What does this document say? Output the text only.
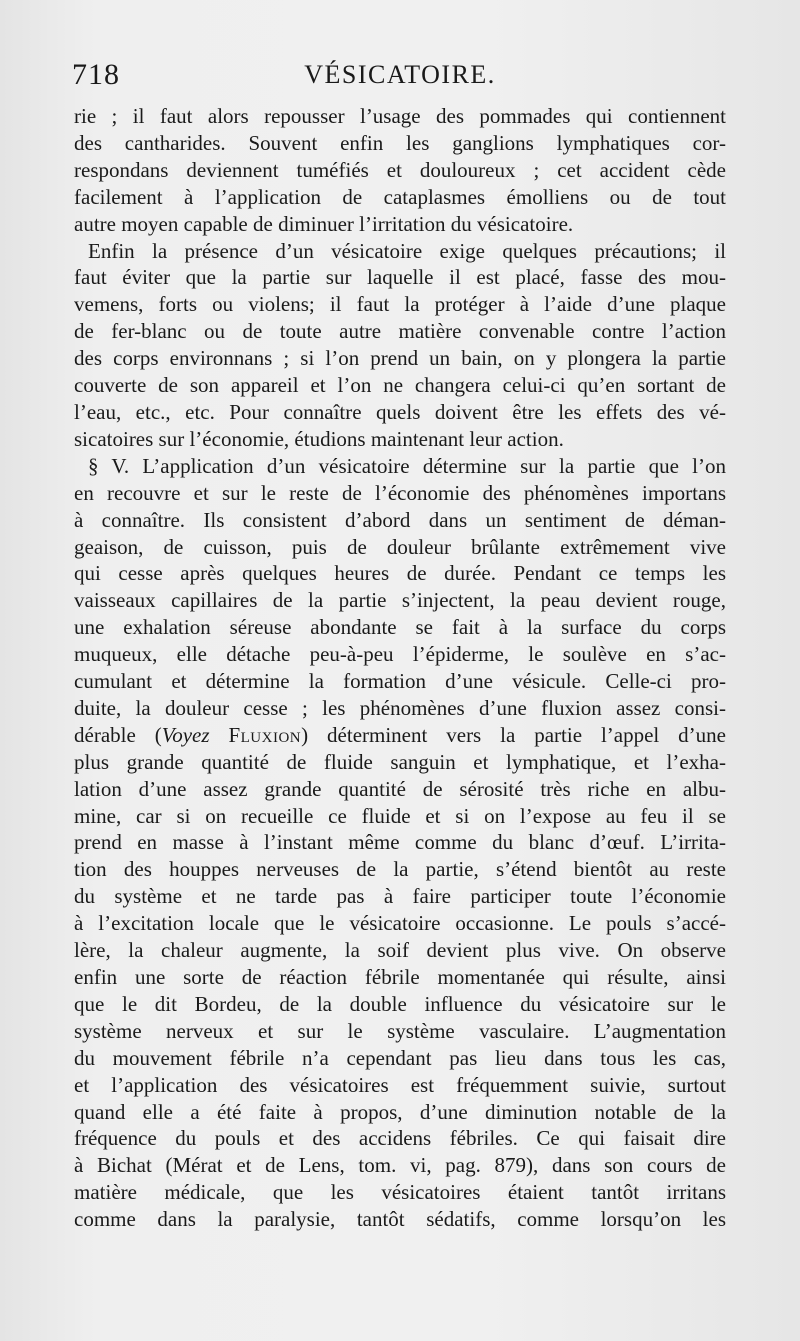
718	VÉSICATOIRE.
rie ; il faut alors repousser l’usage des pommades qui contiennent
des cantharides. Souvent enfin les ganglions lymphatiques cor-
respondans deviennent tuméfiés et douloureux ; cet accident cède
facilement à l’application de cataplasmes émolliens ou de tout
autre moyen capable de diminuer l’irritation du vésicatoire.
Enfin la présence d’un vésicatoire exige quelques précautions; il
faut éviter que la partie sur laquelle il est placé, fasse des mou-
vemens, forts ou violens; il faut la protéger à l’aide d’une plaque
de fer-blanc ou de toute autre matière convenable contre l’action
des corps environnans ; si l’on prend un bain, on y plongera la partie
couverte de son appareil et l’on ne changera celui-ci qu’en sortant de
l’eau, etc., etc. Pour connaître quels doivent être les effets des vé-
sicatoires sur l’économie, étudions maintenant leur action.
§ V. L’application d’un vésicatoire détermine sur la partie que l’on
en recouvre et sur le reste de l’économie des phénomènes importans
à connaître. Ils consistent d’abord dans un sentiment de déman-
geaison, de cuisson, puis de douleur brûlante extrêmement vive
qui cesse après quelques heures de durée. Pendant ce temps les
vaisseaux capillaires de la partie s’injectent, la peau devient rouge,
une exhalation séreuse abondante se fait à la surface du corps
muqueux, elle détache peu-à-peu l’épiderme, le soulève en s’ac-
cumulant et détermine la formation d’une vésicule. Celle-ci pro-
duite, la douleur cesse ; les phénomènes d’une fluxion assez consi-
dérable (Voyez Fluxion) déterminent vers la partie l’appel d’une
plus grande quantité de fluide sanguin et lymphatique, et l’exha-
lation d’une assez grande quantité de sérosité très riche en albu-
mine, car si on recueille ce fluide et si on l’expose au feu il se
prend en masse à l’instant même comme du blanc d’œuf. L’irrita-
tion des houppes nerveuses de la partie, s’étend bientôt au reste
du système et ne tarde pas à faire participer toute l’économie
à l’excitation locale que le vésicatoire occasionne. Le pouls s’accé-
lère, la chaleur augmente, la soif devient plus vive. On observe
enfin une sorte de réaction fébrile momentanée qui résulte, ainsi
que le dit Bordeu, de la double influence du vésicatoire sur le
système nerveux et sur le système vasculaire. L’augmentation
du mouvement fébrile n’a cependant pas lieu dans tous les cas,
et l’application des vésicatoires est fréquemment suivie, surtout
quand elle a été faite à propos, d’une diminution notable de la
fréquence du pouls et des accidens fébriles. Ce qui faisait dire
à Bichat (Mérat et de Lens, tom. vi, pag. 879), dans son cours de
matière médicale, que les vésicatoires étaient tantôt irritans
comme dans la paralysie, tantôt sédatifs, comme lorsqu’on les
